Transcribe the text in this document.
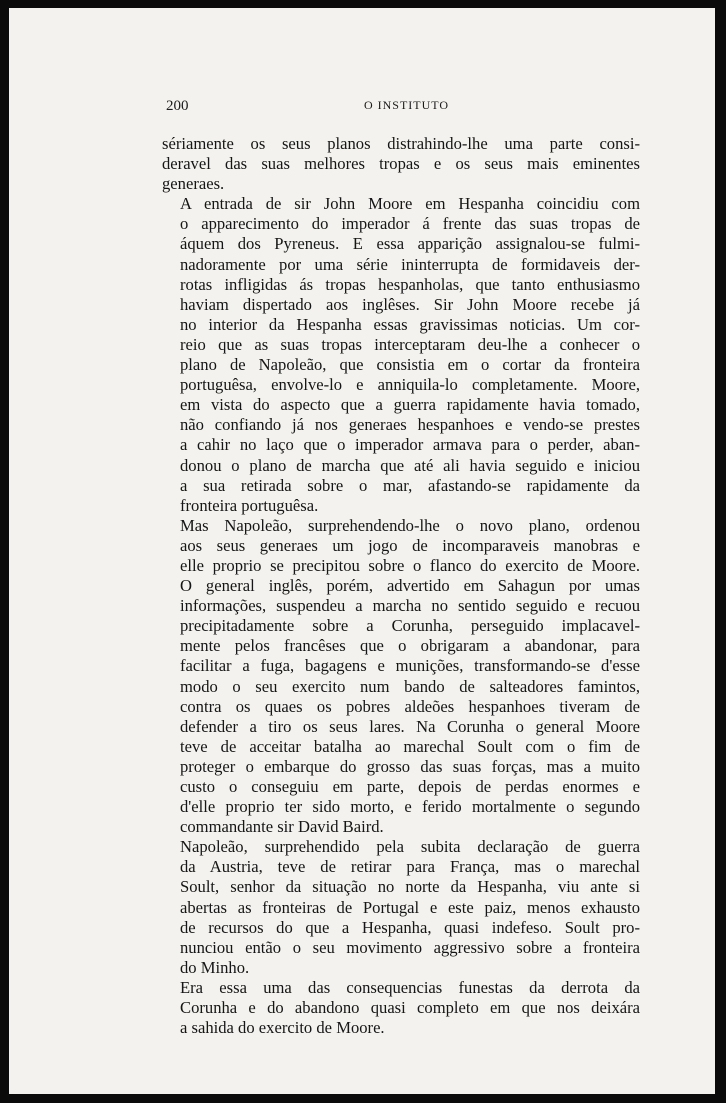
200	O INSTITUTO
sériamente os seus planos distrahindo-lhe uma parte consi-
deravel das suas melhores tropas e os seus mais eminentes
generaes.
A entrada de sir John Moore em Hespanha coincidiu com
o apparecimento do imperador á frente das suas tropas de
áquem dos Pyreneus. E essa apparição assignalou-se fulmi-
nadoramente por uma série ininterrupta de formidaveis der-
rotas infligidas ás tropas hespanholas, que tanto enthusiasmo
haviam dispertado aos inglêses. Sir John Moore recebe já
no interior da Hespanha essas gravissimas noticias. Um cor-
reio que as suas tropas interceptaram deu-lhe a conhecer o
plano de Napoleão, que consistia em o cortar da fronteira
portuguêsa, envolve-lo e anniquila-lo completamente. Moore,
em vista do aspecto que a guerra rapidamente havia tomado,
não confiando já nos generaes hespanhoes e vendo-se prestes
a cahir no laço que o imperador armava para o perder, aban-
donou o plano de marcha que até ali havia seguido e iniciou
a sua retirada sobre o mar, afastando-se rapidamente da
fronteira portuguêsa.
Mas Napoleão, surprehendendo-lhe o novo plano, ordenou
aos seus generaes um jogo de incomparaveis manobras e
elle proprio se precipitou sobre o flanco do exercito de Moore.
O general inglês, porém, advertido em Sahagun por umas
informações, suspendeu a marcha no sentido seguido e recuou
precipitadamente sobre a Corunha, perseguido implacavel-
mente pelos francêses que o obrigaram a abandonar, para
facilitar a fuga, bagagens e munições, transformando-se d'esse
modo o seu exercito num bando de salteadores famintos,
contra os quaes os pobres aldeões hespanhoes tiveram de
defender a tiro os seus lares. Na Corunha o general Moore
teve de acceitar batalha ao marechal Soult com o fim de
proteger o embarque do grosso das suas forças, mas a muito
custo o conseguiu em parte, depois de perdas enormes e
d'elle proprio ter sido morto, e ferido mortalmente o segundo
commandante sir David Baird.
Napoleão, surprehendido pela subita declaração de guerra
da Austria, teve de retirar para França, mas o marechal
Soult, senhor da situação no norte da Hespanha, viu ante si
abertas as fronteiras de Portugal e este paiz, menos exhausto
de recursos do que a Hespanha, quasi indefeso. Soult pro-
nunciou então o seu movimento aggressivo sobre a fronteira
do Minho.
Era essa uma das consequencias funestas da derrota da
Corunha e do abandono quasi completo em que nos deixára
a sahida do exercito de Moore.
